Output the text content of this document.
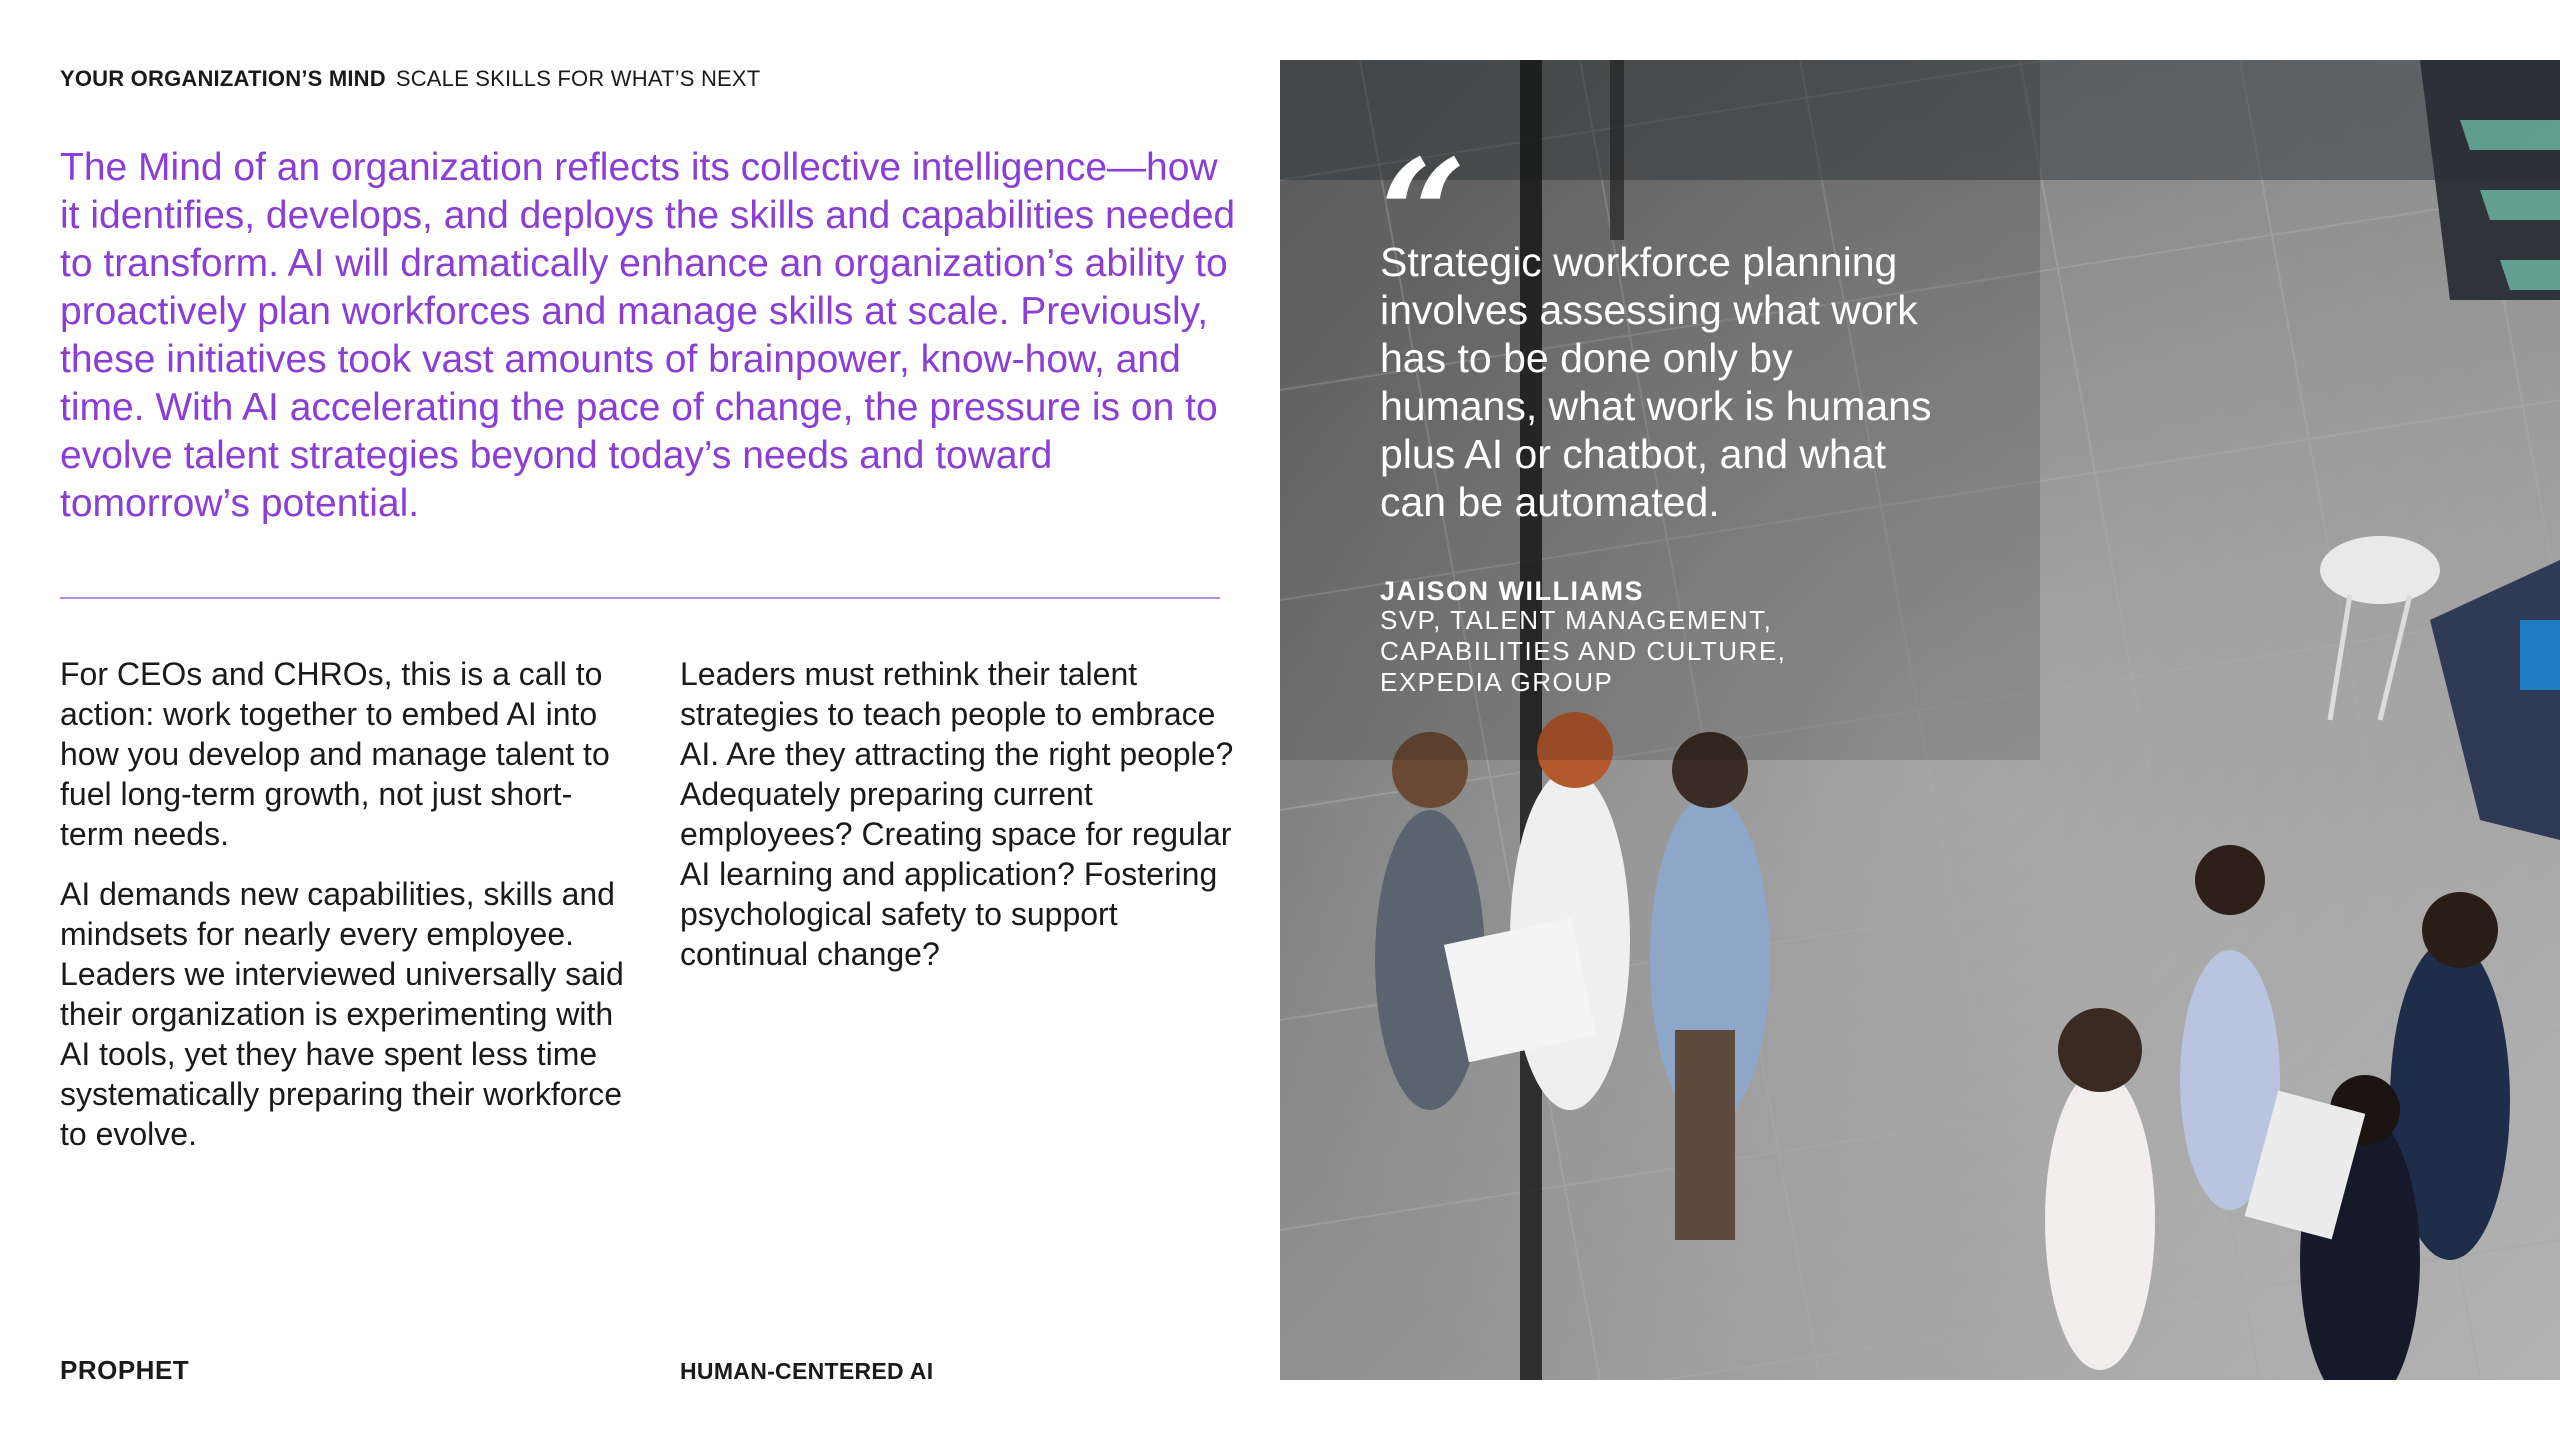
YOUR ORGANIZATION’S MIND SCALE SKILLS FOR WHAT’S NEXT
The Mind of an organization reflects its collective intelligence—how it identifies, develops, and deploys the skills and capabilities needed to transform. AI will dramatically enhance an organization’s ability to proactively plan workforces and manage skills at scale. Previously, these initiatives took vast amounts of brainpower, know-how, and time. With AI accelerating the pace of change, the pressure is on to evolve talent strategies beyond today’s needs and toward tomorrow’s potential.

For CEOs and CHROs, this is a call to action: work together to embed AI into how you develop and manage talent to fuel long-term growth, not just short-term needs.

AI demands new capabilities, skills and mindsets for nearly every employee. Leaders we interviewed universally said their organization is experimenting with AI tools, yet they have spent less time systematically preparing their workforce to evolve.

Leaders must rethink their talent strategies to teach people to embrace AI. Are they attracting the right people? Adequately preparing current employees? Creating space for regular AI learning and application? Fostering psychological safety to support continual change?

PROPHET	HUMAN-CENTERED AI
“
Strategic workforce planning involves assessing what work has to be done only by humans, what work is humans plus AI or chatbot, and what can be automated.
JAISON WILLIAMS
SVP, TALENT MANAGEMENT, CAPABILITIES AND CULTURE, EXPEDIA GROUP
